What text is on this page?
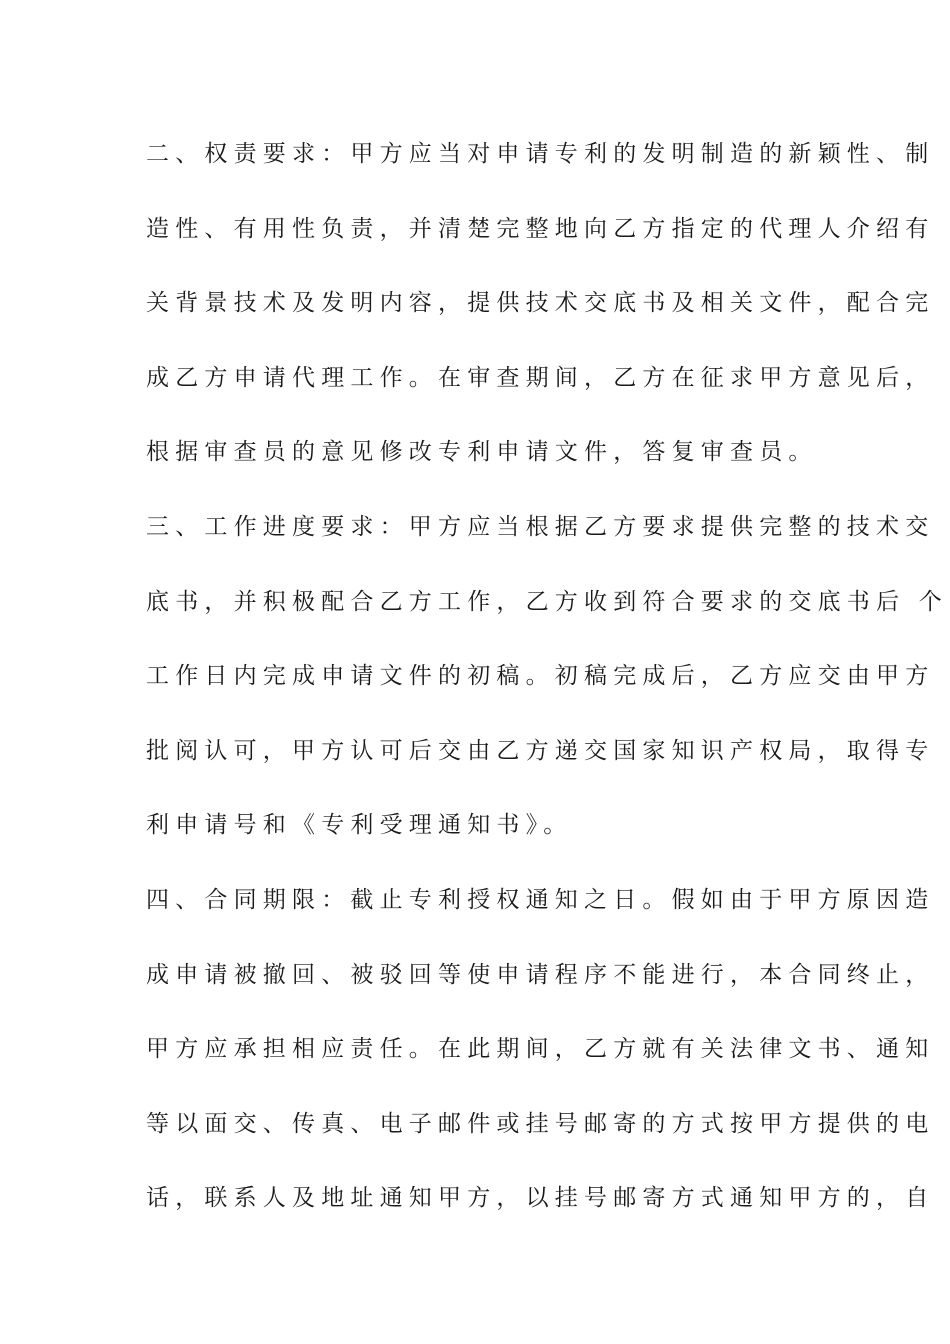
二、权责要求：甲方应当对申请专利的发明制造的新颖性、制
造性、有用性负责，并清楚完整地向乙方指定的代理人介绍有
关背景技术及发明内容，提供技术交底书及相关文件，配合完
成乙方申请代理工作。在审查期间，乙方在征求甲方意见后，
根据审查员的意见修改专利申请文件，答复审查员。
三、工作进度要求：甲方应当根据乙方要求提供完整的技术交
底书，并积极配合乙方工作，乙方收到符合要求的交底书后 个
工作日内完成申请文件的初稿。初稿完成后，乙方应交由甲方
批阅认可，甲方认可后交由乙方递交国家知识产权局，取得专
利申请号和《专利受理通知书》。
四、合同期限：截止专利授权通知之日。假如由于甲方原因造
成申请被撤回、被驳回等使申请程序不能进行，本合同终止，
甲方应承担相应责任。在此期间，乙方就有关法律文书、通知
等以面交、传真、电子邮件或挂号邮寄的方式按甲方提供的电
话，联系人及地址通知甲方，以挂号邮寄方式通知甲方的，自
